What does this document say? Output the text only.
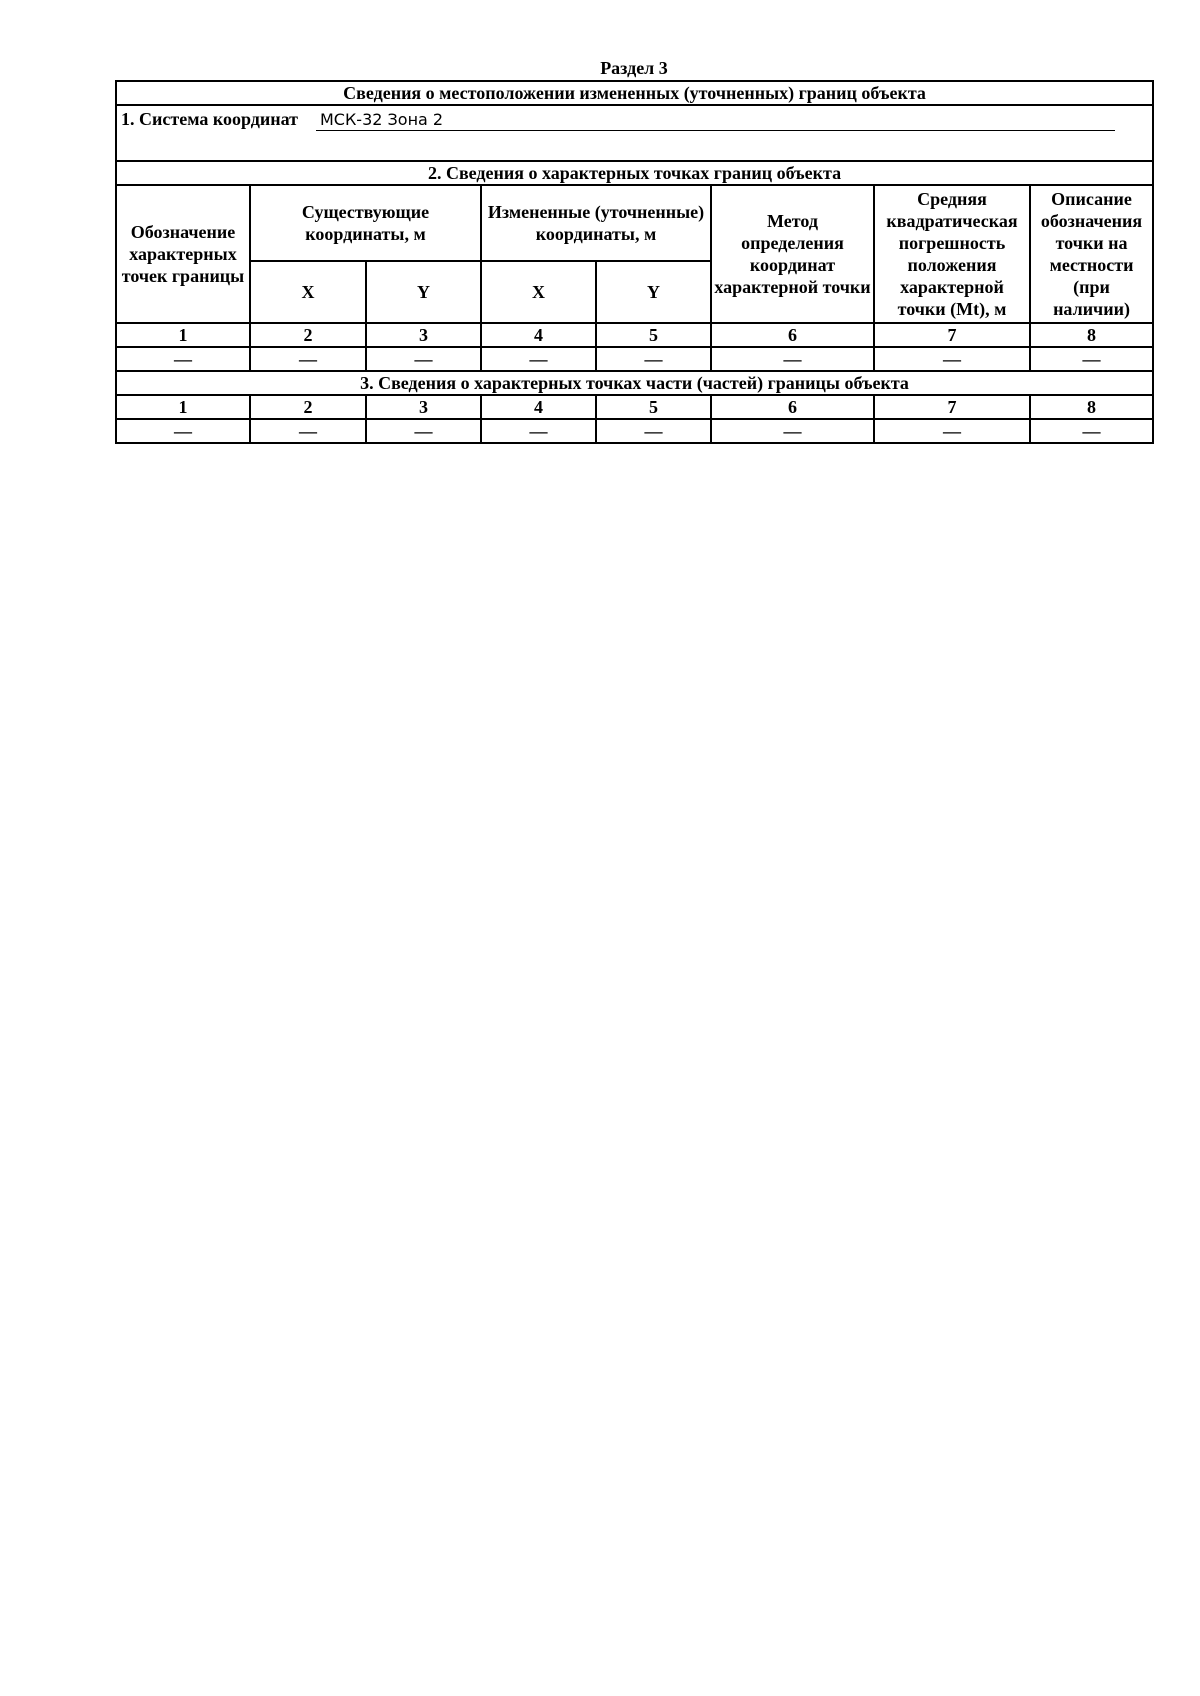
Раздел 3
Сведения о местоположении измененных (уточненных) границ объекта							
1. Система координат МСК-32 Зона 2							
2. Сведения о характерных точках границ объекта							
Обозначение характерных точек границы	Существующие координаты, м		Измененные (уточненные) координаты, м		Метод определения координат характерной точки	Средняя квадратическая погрешность положения характерной точки (Mt), м	Описание обозначения точки на местности (при наличии)
	X	Y	X	Y			
1	2	3	4	5	6	7	8
—	—	—	—	—	—	—	—
3. Сведения о характерных точках части (частей) границы объекта							
1	2	3	4	5	6	7	8
—	—	—	—	—	—	—	—
